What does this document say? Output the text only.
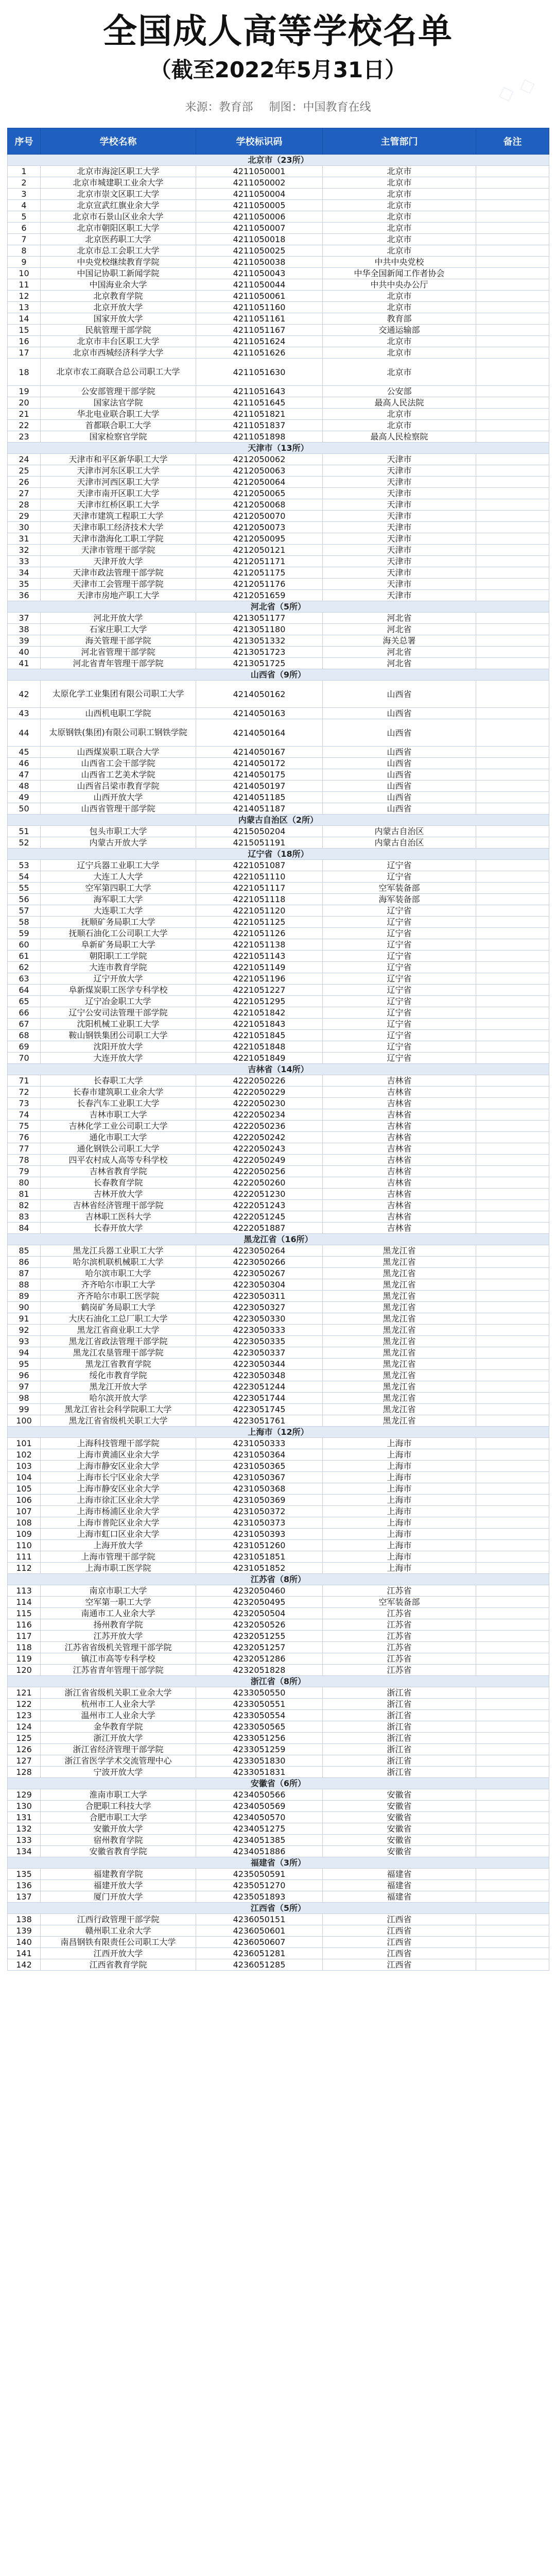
◇ ◇
全国成人高等学校名单
（截至2022年5月31日）
来源：教育部 制图：中国教育在线
序号	学校名称	学校标识码	主管部门	备注
北京市（23所）				
1	北京市海淀区职工大学	4211050001	北京市	
2	北京市城建职工业余大学	4211050002	北京市	
3	北京市崇文区职工大学	4211050004	北京市	
4	北京宣武红旗业余大学	4211050005	北京市	
5	北京市石景山区业余大学	4211050006	北京市	
6	北京市朝阳区职工大学	4211050007	北京市	
7	北京医药职工大学	4211050018	北京市	
8	北京市总工会职工大学	4211050025	北京市	
9	中央党校继续教育学院	4211050038	中共中央党校	
10	中国记协职工新闻学院	4211050043	中华全国新闻工作者协会	
11	中国海业余大学	4211050044	中共中央办公厅	
12	北京教育学院	4211050061	北京市	
13	北京开放大学	4211051160	北京市	
14	国家开放大学	4211051161	教育部	
15	民航管理干部学院	4211051167	交通运输部	
16	北京市丰台区职工大学	4211051624	北京市	
17	北京市西城经济科学大学	4211051626	北京市	
18	北京市农工商联合总公司职工大学	4211051630	北京市	
19	公安部管理干部学院	4211051643	公安部	
20	国家法官学院	4211051645	最高人民法院	
21	华北电业联合职工大学	4211051821	北京市	
22	首都联合职工大学	4211051837	北京市	
23	国家检察官学院	4211051898	最高人民检察院	
天津市（13所）				
24	天津市和平区新华职工大学	4212050062	天津市	
25	天津市河东区职工大学	4212050063	天津市	
26	天津市河西区职工大学	4212050064	天津市	
27	天津市南开区职工大学	4212050065	天津市	
28	天津市红桥区职工大学	4212050068	天津市	
29	天津市建筑工程职工大学	4212050070	天津市	
30	天津市职工经济技术大学	4212050073	天津市	
31	天津市渤海化工职工学院	4212050095	天津市	
32	天津市管理干部学院	4212050121	天津市	
33	天津开放大学	4212051171	天津市	
34	天津市政法管理干部学院	4212051175	天津市	
35	天津市工会管理干部学院	4212051176	天津市	
36	天津市房地产职工大学	4212051659	天津市	
河北省（5所）				
37	河北开放大学	4213051177	河北省	
38	石家庄职工大学	4213051180	河北省	
39	海关管理干部学院	4213051332	海关总署	
40	河北省管理干部学院	4213051723	河北省	
41	河北省青年管理干部学院	4213051725	河北省	
山西省（9所）				
42	太原化学工业集团有限公司职工大学	4214050162	山西省	
43	山西机电职工学院	4214050163	山西省	
44	太原钢铁(集团)有限公司职工钢铁学院	4214050164	山西省	
45	山西煤炭职工联合大学	4214050167	山西省	
46	山西省工会干部学院	4214050172	山西省	
47	山西省工艺美术学院	4214050175	山西省	
48	山西省吕梁市教育学院	4214050197	山西省	
49	山西开放大学	4214051185	山西省	
50	山西省管理干部学院	4214051187	山西省	
内蒙古自治区（2所）				
51	包头市职工大学	4215050204	内蒙古自治区	
52	内蒙古开放大学	4215051191	内蒙古自治区	
辽宁省（18所）				
53	辽宁兵器工业职工大学	4221051087	辽宁省	
54	大连工人大学	4221051110	辽宁省	
55	空军第四职工大学	4221051117	空军装备部	
56	海军职工大学	4221051118	海军装备部	
57	大连职工大学	4221051120	辽宁省	
58	抚顺矿务局职工大学	4221051125	辽宁省	
59	抚顺石油化工公司职工大学	4221051126	辽宁省	
60	阜新矿务局职工大学	4221051138	辽宁省	
61	朝阳职工工学院	4221051143	辽宁省	
62	大连市教育学院	4221051149	辽宁省	
63	辽宁开放大学	4221051196	辽宁省	
64	阜新煤炭职工医学专科学校	4221051227	辽宁省	
65	辽宁冶金职工大学	4221051295	辽宁省	
66	辽宁公安司法管理干部学院	4221051842	辽宁省	
67	沈阳机械工业职工大学	4221051843	辽宁省	
68	鞍山钢铁集团公司职工大学	4221051845	辽宁省	
69	沈阳开放大学	4221051848	辽宁省	
70	大连开放大学	4221051849	辽宁省	
吉林省（14所）				
71	长春职工大学	4222050226	吉林省	
72	长春市建筑职工业余大学	4222050229	吉林省	
73	长春汽车工业职工大学	4222050230	吉林省	
74	吉林市职工大学	4222050234	吉林省	
75	吉林化学工业公司职工大学	4222050236	吉林省	
76	通化市职工大学	4222050242	吉林省	
77	通化钢铁公司职工大学	4222050243	吉林省	
78	四平农村成人高等专科学校	4222050249	吉林省	
79	吉林省教育学院	4222050256	吉林省	
80	长春教育学院	4222050260	吉林省	
81	吉林开放大学	4222051230	吉林省	
82	吉林省经济管理干部学院	4222051243	吉林省	
83	吉林职工医科大学	4222051245	吉林省	
84	长春开放大学	4222051887	吉林省	
黑龙江省（16所）				
85	黑龙江兵器工业职工大学	4223050264	黑龙江省	
86	哈尔滨机联机械职工大学	4223050266	黑龙江省	
87	哈尔滨市职工大学	4223050267	黑龙江省	
88	齐齐哈尔市职工大学	4223050304	黑龙江省	
89	齐齐哈尔市职工医学院	4223050311	黑龙江省	
90	鹤岗矿务局职工大学	4223050327	黑龙江省	
91	大庆石油化工总厂职工大学	4223050330	黑龙江省	
92	黑龙江省商业职工大学	4223050333	黑龙江省	
93	黑龙江省政法管理干部学院	4223050335	黑龙江省	
94	黑龙江农垦管理干部学院	4223050337	黑龙江省	
95	黑龙江省教育学院	4223050344	黑龙江省	
96	绥化市教育学院	4223050348	黑龙江省	
97	黑龙江开放大学	4223051244	黑龙江省	
98	哈尔滨开放大学	4223051744	黑龙江省	
99	黑龙江省社会科学院职工大学	4223051745	黑龙江省	
100	黑龙江省省级机关职工大学	4223051761	黑龙江省	
上海市（12所）				
101	上海科技管理干部学院	4231050333	上海市	
102	上海市黄浦区业余大学	4231050364	上海市	
103	上海市静安区业余大学	4231050365	上海市	
104	上海市长宁区业余大学	4231050367	上海市	
105	上海市静安区业余大学	4231050368	上海市	
106	上海市徐汇区业余大学	4231050369	上海市	
107	上海市杨浦区业余大学	4231050372	上海市	
108	上海市普陀区业余大学	4231050373	上海市	
109	上海市虹口区业余大学	4231050393	上海市	
110	上海开放大学	4231051260	上海市	
111	上海市管理干部学院	4231051851	上海市	
112	上海市职工医学院	4231051852	上海市	
江苏省（8所）				
113	南京市职工大学	4232050460	江苏省	
114	空军第一职工大学	4232050495	空军装备部	
115	南通市工人业余大学	4232050504	江苏省	
116	扬州教育学院	4232050526	江苏省	
117	江苏开放大学	4232051255	江苏省	
118	江苏省省级机关管理干部学院	4232051257	江苏省	
119	镇江市高等专科学校	4232051286	江苏省	
120	江苏省青年管理干部学院	4232051828	江苏省	
浙江省（8所）				
121	浙江省省级机关职工业余大学	4233050550	浙江省	
122	杭州市工人业余大学	4233050551	浙江省	
123	温州市工人业余大学	4233050554	浙江省	
124	金华教育学院	4233050565	浙江省	
125	浙江开放大学	4233051256	浙江省	
126	浙江省经济管理干部学院	4233051259	浙江省	
127	浙江省医学学术交流管理中心	4233051830	浙江省	
128	宁波开放大学	4233051831	浙江省	
安徽省（6所）				
129	淮南市职工大学	4234050566	安徽省	
130	合肥职工科技大学	4234050569	安徽省	
131	合肥市职工大学	4234050570	安徽省	
132	安徽开放大学	4234051275	安徽省	
133	宿州教育学院	4234051385	安徽省	
134	安徽省教育学院	4234051886	安徽省	
福建省（3所）				
135	福建教育学院	4235050591	福建省	
136	福建开放大学	4235051270	福建省	
137	厦门开放大学	4235051893	福建省	
江西省（5所）				
138	江西行政管理干部学院	4236050151	江西省	
139	赣州职工业余大学	4236050601	江西省	
140	南昌钢铁有限责任公司职工大学	4236050607	江西省	
141	江西开放大学	4236051281	江西省	
142	江西省教育学院	4236051285	江西省	
